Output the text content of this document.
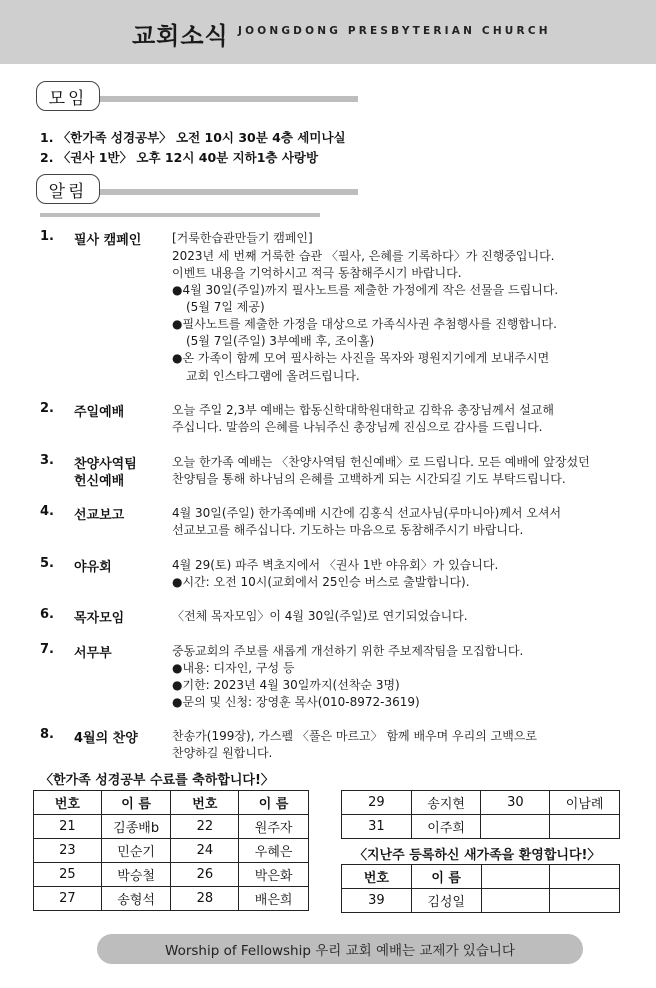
교회소식 JOONGDONG PRESBYTERIAN CHURCH
모임
1. 〈한가족 성경공부〉 오전 10시 30분 4층 세미나실
2. 〈권사 1반〉 오후 12시 40분 지하1층 사랑방
알림
1. 필사 캠페인	[거룩한습관만들기 캠페인]
2023년 세 번째 거룩한 습관 〈필사, 은혜를 기록하다〉가 진행중입니다.
이벤트 내용을 기억하시고 적극 동참해주시기 바랍니다.
●4월 30일(주일)까지 필사노트를 제출한 가정에게 작은 선물을 드립니다.
(5월 7일 제공)
●필사노트를 제출한 가정을 대상으로 가족식사권 추첨행사를 진행합니다.
(5월 7일(주일) 3부예배 후, 조이홀)
●온 가족이 함께 모여 필사하는 사진을 목자와 평원지기에게 보내주시면
교회 인스타그램에 올려드립니다.
2. 주일예배	오늘 주일 2,3부 예배는 합동신학대학원대학교 김학유 총장님께서 설교해
주십니다. 말씀의 은혜를 나눠주신 총장님께 진심으로 감사를 드립니다.
3. 찬양사역팀
헌신예배
오늘 한가족 예배는 〈찬양사역팀 헌신예배〉로 드립니다. 모든 예배에 앞장섰던
찬양팀을 통해 하나님의 은혜를 고백하게 되는 시간되길 기도 부탁드립니다.
4. 선교보고	4월 30일(주일) 한가족예배 시간에 김홍식 선교사님(루마니아)께서 오셔서
선교보고를 해주십니다. 기도하는 마음으로 동참해주시기 바랍니다.
5. 야유회	4월 29(토) 파주 벽초지에서 〈권사 1반 야유회〉가 있습니다.
●시간: 오전 10시(교회에서 25인승 버스로 출발합니다).
6. 목자모임	〈전체 목자모임〉이 4월 30일(주일)로 연기되었습니다.
7. 서무부	중동교회의 주보를 새롭게 개선하기 위한 주보제작팀을 모집합니다.
●내용: 디자인, 구성 등
●기한: 2023년 4월 30일까지(선착순 3명)
●문의 및 신청: 장영훈 목사(010-8972-3619)
8. 4월의 찬양	찬송가(199장), 가스펠 〈풀은 마르고〉 함께 배우며 우리의 고백으로
찬양하길 원합니다.
〈한가족 성경공부 수료를 축하합니다!〉
번호	이 름	번호	이 름
21	김종배b	22	원주자
23	민순기	24	우혜은
25	박승철	26	박은화
27	송형석	28	배은희
29	송지현	30	이남례
31	이주희		
〈지난주 등록하신 새가족을 환영합니다!〉
번호	이 름		
39	김성일		
Worship of Fellowship 우리 교회 예배는 교제가 있습니다
